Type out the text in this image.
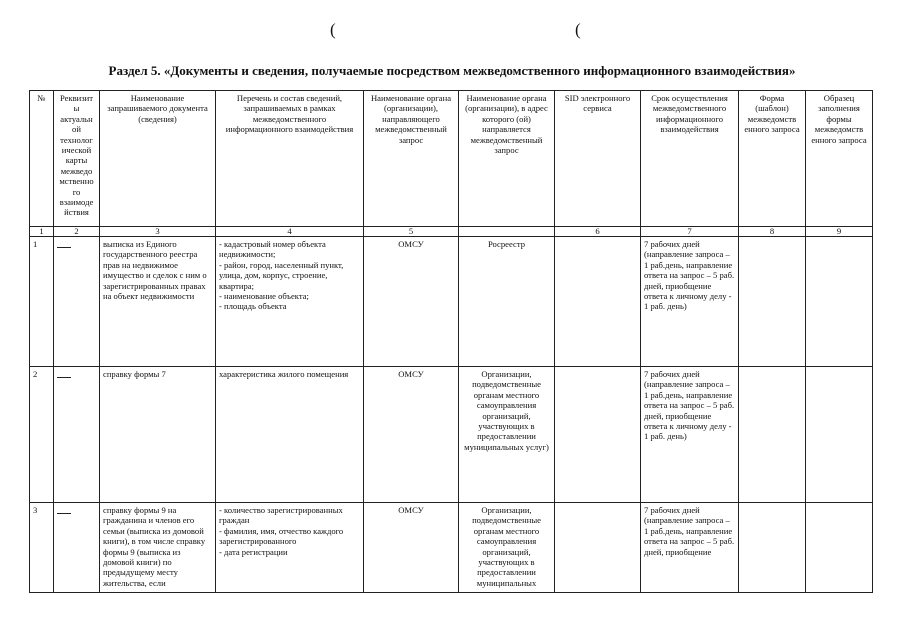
(	(
Раздел 5. «Документы и сведения, получаемые посредством межведомственного информационного взаимодействия»
№	Реквизит ы актуальн ой технолог ической карты межведо мственно го взаимоде йствия	Наименование запрашиваемого документа (сведения)	Перечень и состав сведений, запрашиваемых в рамках межведомственного информационного взаимодействия	Наименование органа (организации), направляющего межведомственный запрос	Наименование органа (организации), в адрес которого (ой) направляется межведомственный запрос	SID электронного сервиса	Срок осуществления межведомственного информационного взаимодействия	Форма (шаблон) межведомств енного запроса	Образец заполнения формы межведомств енного запроса
1	2	3	4	5		6	7	8	9
1		выписка из Единого государственного реестра прав на недвижимое имущество и сделок с ним о зарегистрированных правах на объект недвижимости	- кадастровый номер объекта недвижимости;
- район, город, населенный пункт, улица, дом, корпус, строение, квартира;
- наименование объекта;
- площадь объекта	ОМСУ	Росреестр		7 рабочих дней (направление запроса – 1 раб.день, направление ответа на запрос – 5 раб. дней, приобщение ответа к личному делу - 1 раб. день)		
2		справку формы 7	характеристика жилого помещения	ОМСУ	Организации, подведомственные органам местного самоуправления организаций, участвующих в предоставлении муниципальных услуг)		7 рабочих дней (направление запроса – 1 раб.день, направление ответа на запрос – 5 раб. дней, приобщение ответа к личному делу - 1 раб. день)		
3		справку формы 9 на гражданина и членов его семьи (выписка из домовой книги), в том числе справку формы 9 (выписка из домовой книги) по предыдущему месту жительства, если	- количество зарегистрированных граждан
- фамилия, имя, отчество каждого зарегистрированного
- дата регистрации	ОМСУ	Организации, подведомственные органам местного самоуправления организаций, участвующих в предоставлении муниципальных		7 рабочих дней (направление запроса – 1 раб.день, направление ответа на запрос – 5 раб. дней, приобщение		
